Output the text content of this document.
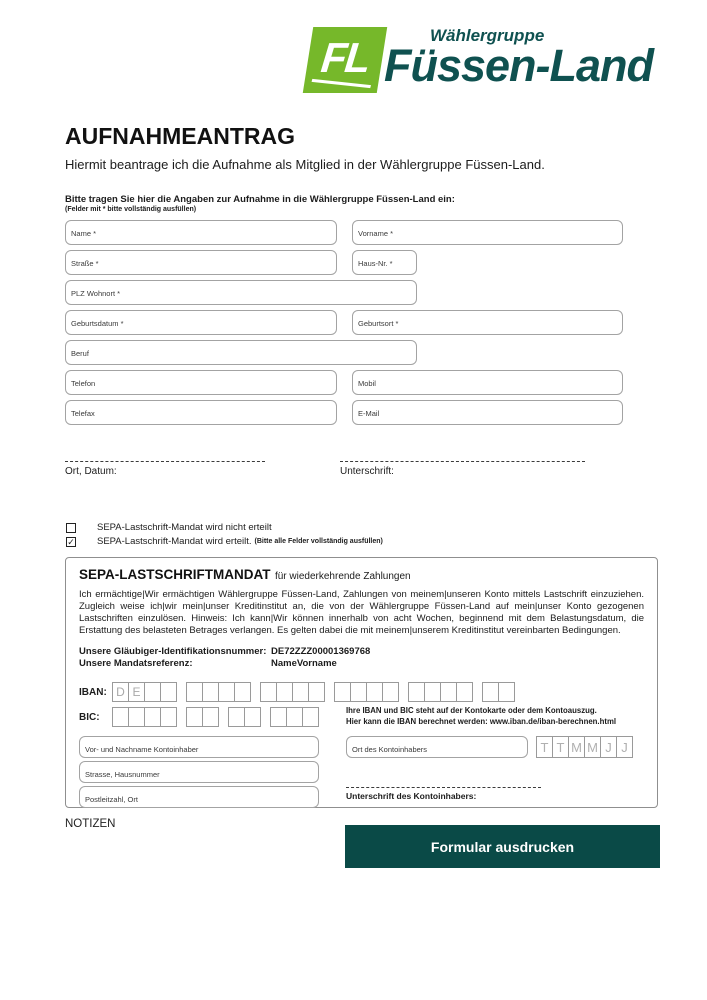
FL	Wählergruppe
Füssen-Land
AUFNAHMEANTRAG
Hiermit beantrage ich die Aufnahme als Mitglied in der Wählergruppe Füssen-Land.
Bitte tragen Sie hier die Angaben zur Aufnahme in die Wählergruppe Füssen-Land ein:
(Felder mit * bitte vollständig ausfüllen)
Name *	Vorname *
Straße *	Haus-Nr. *
PLZ Wohnort *
Geburtsdatum *	Geburtsort *
Beruf
Telefon	Mobil
Telefax	E-Mail
Ort, Datum:	Unterschrift:
SEPA-Lastschrift-Mandat wird nicht erteilt
✓ SEPA-Lastschrift-Mandat wird erteilt. (Bitte alle Felder vollständig ausfüllen)
SEPA-LASTSCHRIFTMANDAT für wiederkehrende Zahlungen
Ich ermächtige|Wir ermächtigen Wählergruppe Füssen-Land, Zahlungen von meinem|unseren Konto mittels Lastschrift einzuziehen. Zugleich weise ich|wir mein|unser Kreditinstitut an, die von der Wählergruppe Füssen-Land auf mein|unser Konto gezogenen Lastschriften einzulösen. Hinweis: Ich kann|Wir können innerhalb von acht Wochen, beginnend mit dem Belastungsdatum, die Erstattung des belasteten Betrages verlangen. Es gelten dabei die mit meinem|unserem Kreditinstitut vereinbarten Bedingungen.
Unsere Gläubiger-Identifikationsnummer: DE72ZZZ00001369768
Unsere Mandatsreferenz:	NameVorname
IBAN: D E
BIC:
Ihre IBAN und BIC steht auf der Kontokarte oder dem Kontoauszug.
Hier kann die IBAN berechnet werden: www.iban.de/iban-berechnen.html
Vor- und Nachname Kontoinhaber
Strasse, Hausnummer
Postleitzahl, Ort
Ort des Kontoinhabers	T T M M J J
Unterschrift des Kontoinhabers:
NOTIZEN
Formular ausdrucken
